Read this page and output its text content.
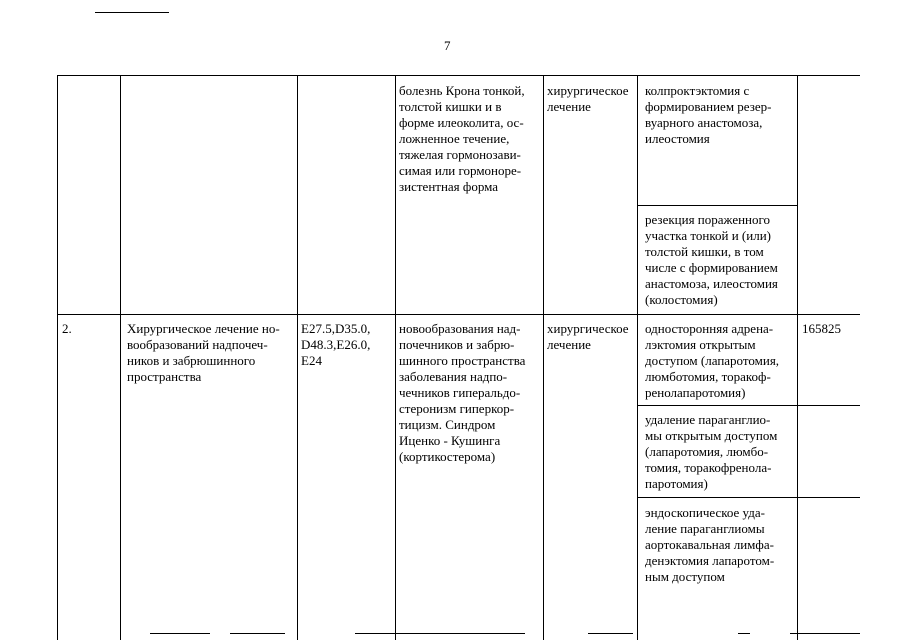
7
болезнь Крона тонкой,
толстой кишки и в
форме илеоколита, ос-
ложненное течение,
тяжелая гормонозави-
симая или гормоноре-
зистентная форма
хирургическое
лечение
колпроктэктомия с
формированием резер-
вуарного анастомоза,
илеостомия
резекция пораженного
участка тонкой и (или)
толстой кишки, в том
числе с формированием
анастомоза, илеостомия
(колостомия)
2.	Хирургическое лечение но-
вообразований надпочеч-
ников и забрюшинного
пространства
E27.5,D35.0,
D48.3,E26.0,
E24
новообразования над-
почечников и забрю-
шинного пространства
заболевания надпо-
чечников гиперальдо-
стеронизм гиперкор-
тицизм. Синдром
Иценко - Кушинга
(кортикостерома)
хирургическое
лечение
односторонняя адрена-
лэктомия открытым
доступом (лапаротомия,
люмботомия, торакоф-
ренолапаротомия)
удаление параганглио-
мы открытым доступом
(лапаротомия, люмбо-
томия, торакофренола-
паротомия)
эндоскопическое уда-
ление параганглиомы
аортокавальная лимфа-
денэктомия лапаротом-
ным доступом
165825
